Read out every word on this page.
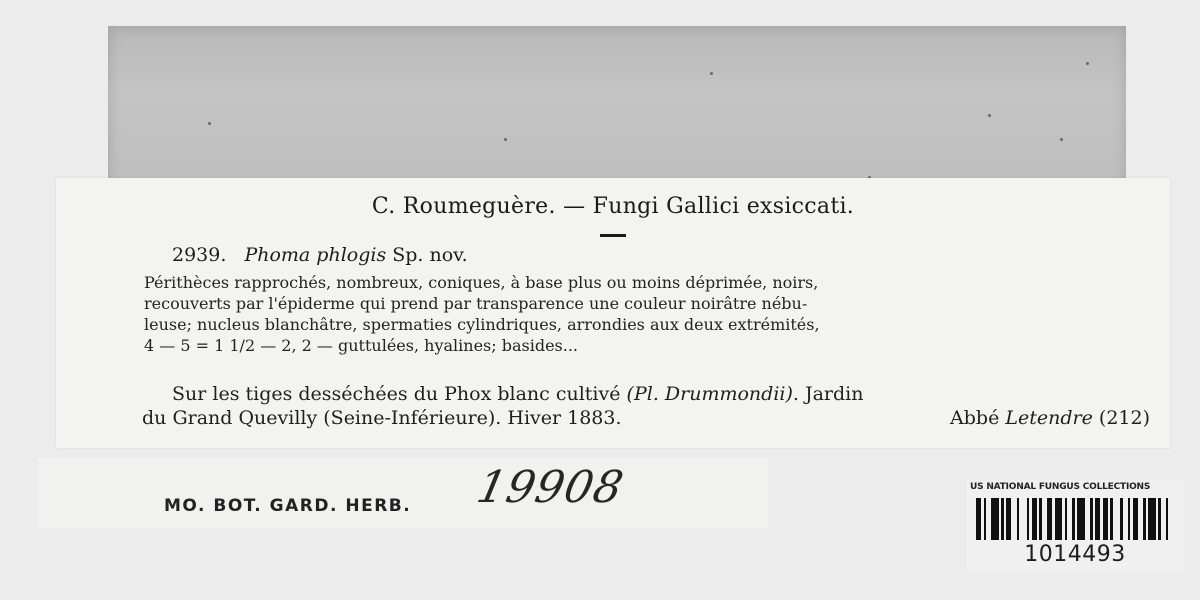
C. Roumeguère. — Fungi Gallici exsiccati.
2939. Phoma phlogis Sp. nov.
Périthèces rapprochés, nombreux, coniques, à base plus ou moins déprimée, noirs,
recouverts par l'épiderme qui prend par transparence une couleur noirâtre nébu-
leuse; nucleus blanchâtre, spermaties cylindriques, arrondies aux deux extrémités,
4 — 5 = 1 1/2 — 2, 2 — guttulées, hyalines; basides...
Sur les tiges desséchées du Phox blanc cultivé (Pl. Drummondii). Jardin
du Grand Quevilly (Seine-Inférieure). Hiver 1883.	Abbé Letendre (212)
MO. BOT. GARD. HERB. 19908	US NATIONAL FUNGUS COLLECTIONS
1014493
